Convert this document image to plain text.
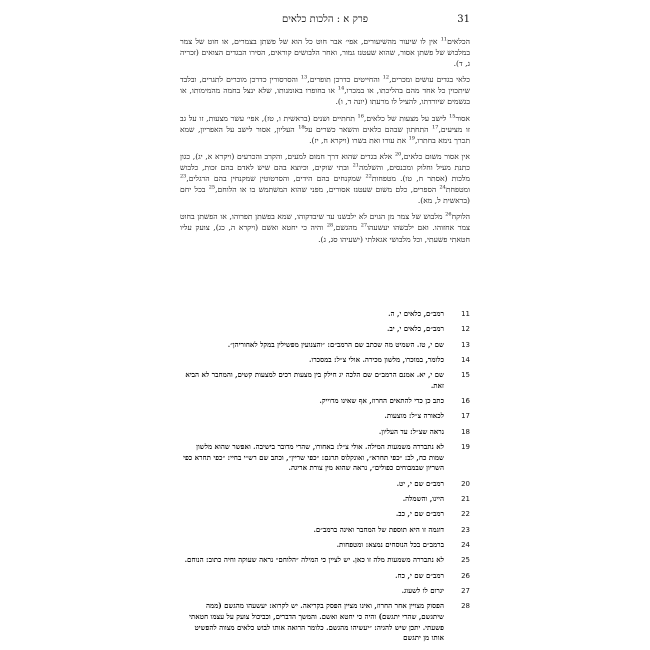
31
פרק א : הלכות כלאים

הכלאים$^{11}$ אין לו שיעור מהשיעורים, אפי׳ אבר חוט כל הוא של פשתן בצמרים, או חוט של צמר במלבוש של פשתן אסור, שהוא שעטנז גמור, ואחר הלבושים קוראים, הסירו הבגדים הצואים (זכריה ג, ד).

כלאי בגדים עושים ומכרים,$^{12}$ והחייטים כדרכן תופרים,$^{13}$ והסרסורין כדרכן מוכרים לתגרים, ובלבד שיתכוין כל אחד מהם בהליכתו, או במכרו,$^{14}$ או בחופרו באומנותו, שלא ינצל בחמה מהמימותו, או בגשמים שיורדתו, להציל לו מרעתו (יונה ד, ו).

אסור$^{15}$ לישב על מצעות של כלאים,$^{16}$ תחתיים ושנים (בראשית ו, טז), אפי׳ עשר מצעות, זו על גב זו מציעים,$^{17}$ התחתון שבהם כלאים והשאר כשרים על$^{18}$ העליון, אסור לישב על האפריון, שמא תכרך נימא בחתרו,$^{19}$ את עורו ואת בשרו (ויקרא ח, יז).

אין אסור משום כלאים,$^{20}$ אלא בגדים שהוא דרך חמום למעים, והקרב והכרעים (ויקרא א, יג), כגון כתנת מעיל וחלוק ומכנסים, והשלמה$^{21}$ ובתי שוקים, וכיוצא בהם שיש לאדם בהם זכות, כלבוש מלכות (אסתר ח, טו). מטפחות$^{22}$ שמקנחים בהם הידים, והסרטוטין שמקנחין בהם הרגלים,$^{23}$ ומטפחת$^{24}$ הספרים, כלם משום שעטנז אסורים, מפני שהוא המשתמש בו או הלוחם,$^{25}$ בכל יחם (בראשית ל, מא).

הלוקח$^{26}$ מלבוש של צמר מן הגוים לא ילבשנו עד שיבדקוהו, שמא בפשתן תפרוהו, או הפשתן בחוט צמר אחזוהו. ואם ילבשהו יעשעהו$^{27}$ מהגשם,$^{28}$ והיה כי יחטא ואשם (ויקרא ה, כג), צועק עליו חטאתי פשעתי, וכל מלבושי אגאלתי (ישעיהו סג, ג).

11
רמב״ם, כלאים י, ה.
12
רמב״ם, כלאים י, יב.
13
שם י, טז. השמיט מה שכתב שם הרמב״ם: ״והצנועין מפשילין במקל לאחוריהן״.
14
כלומר, במוכרו, מלשון מכירה. אולי צ״ל: במסכרו.
15
שם י, יא. אמנם הרמב״ם שם הלכה יג חילק בין מצעות רכים למצעות קשים, והמחבר לא הביא זאת.
16
כתב כן כדי להתאים החרוז, אף שאינו מדוייק.
17
לכאורה צ״ל: מוצעות.
18
נראה שצ״ל: עד העליון.
19
לא נתבררה משמעות המילה. אולי צ״ל: באחורו, שהרי מדובר בישיבה. ואפשר שהוא מלשון שמות כח, לב: ״כפי תחרא״, ואונקלוס תרגם: ״כפי שריין״, וכתב שם רש״י בחיי: ״כפי תחרא כפי השריון שבמבוחים כפולים״, נראה שהוא מין צורת אריגה.
20
רמב״ם שם י, יט.
21
היינו, והשמלה.
22
רמב״ם שם י, כב.
23
דוגמה זו היא תוספת של המחבר ואינה ברמב״ם.
24
ברמב״ם בכל הנוסחים נמצא: ומטפחות.
25
לא נתבררה משמעות מלה זו כאן. יש לציין כי המילה ״הלוחם״ נראה שעוקה וחיה כתוב: הנוחם.
26
רמב״ם שם י, כח.
27
יגרום לו לשעוג.
28
הפסוק מצויין אחר החרוז, ואינו מציין הפסק בקריאה. יש לקרוא: יעשעהו מהגשם (ממה שיתגשם, שהרי יתגשם) והיה כי יחטא ואשם. והמשך הדברים, וכביכול צועק על עצמו חטאתי פשעתי. יתכן שיש להגיה: ״יעשיהו מהגשם. כלומר הרואה אותו לבוש כלאים מצווה להפשיט אותו מן יתגשם
